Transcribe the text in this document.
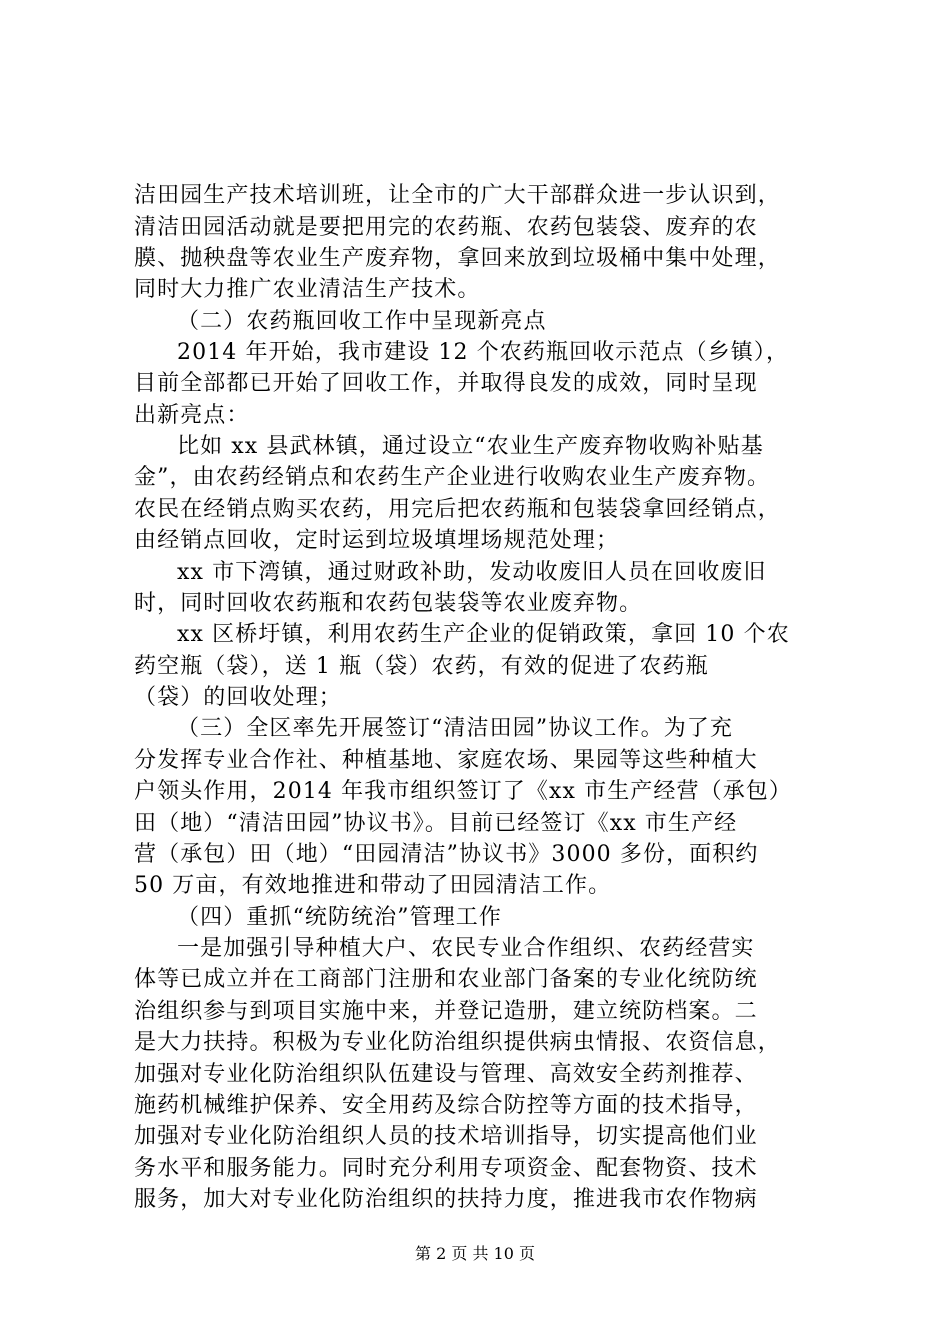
洁田园生产技术培训班，让全市的广大干部群众进一步认识到，
清洁田园活动就是要把用完的农药瓶、农药包装袋、废弃的农
膜、抛秧盘等农业生产废弃物，拿回来放到垃圾桶中集中处理，
同时大力推广农业清洁生产技术。
（二）农药瓶回收工作中呈现新亮点
2014 年开始，我市建设 12 个农药瓶回收示范点（乡镇），
目前全部都已开始了回收工作，并取得良发的成效，同时呈现
出新亮点：
比如 xx 县武林镇，通过设立“农业生产废弃物收购补贴基
金”，由农药经销点和农药生产企业进行收购农业生产废弃物。
农民在经销点购买农药，用完后把农药瓶和包装袋拿回经销点，
由经销点回收，定时运到垃圾填埋场规范处理；
xx 市下湾镇，通过财政补助，发动收废旧人员在回收废旧
时，同时回收农药瓶和农药包装袋等农业废弃物。
xx 区桥圩镇，利用农药生产企业的促销政策，拿回 10 个农
药空瓶（袋），送 1 瓶（袋）农药，有效的促进了农药瓶
（袋）的回收处理；
（三）全区率先开展签订“清洁田园”协议工作。为了充
分发挥专业合作社、种植基地、家庭农场、果园等这些种植大
户领头作用，2014 年我市组织签订了《xx 市生产经营（承包）
田（地）“清洁田园”协议书》。目前已经签订《xx 市生产经
营（承包）田（地）“田园清洁”协议书》3000 多份，面积约
50 万亩，有效地推进和带动了田园清洁工作。
（四）重抓“统防统治”管理工作
一是加强引导种植大户、农民专业合作组织、农药经营实
体等已成立并在工商部门注册和农业部门备案的专业化统防统
治组织参与到项目实施中来，并登记造册，建立统防档案。二
是大力扶持。积极为专业化防治组织提供病虫情报、农资信息，
加强对专业化防治组织队伍建设与管理、高效安全药剂推荐、
施药机械维护保养、安全用药及综合防控等方面的技术指导，
加强对专业化防治组织人员的技术培训指导，切实提高他们业
务水平和服务能力。同时充分利用专项资金、配套物资、技术
服务，加大对专业化防治组织的扶持力度，推进我市农作物病
第 2 页 共 10 页
